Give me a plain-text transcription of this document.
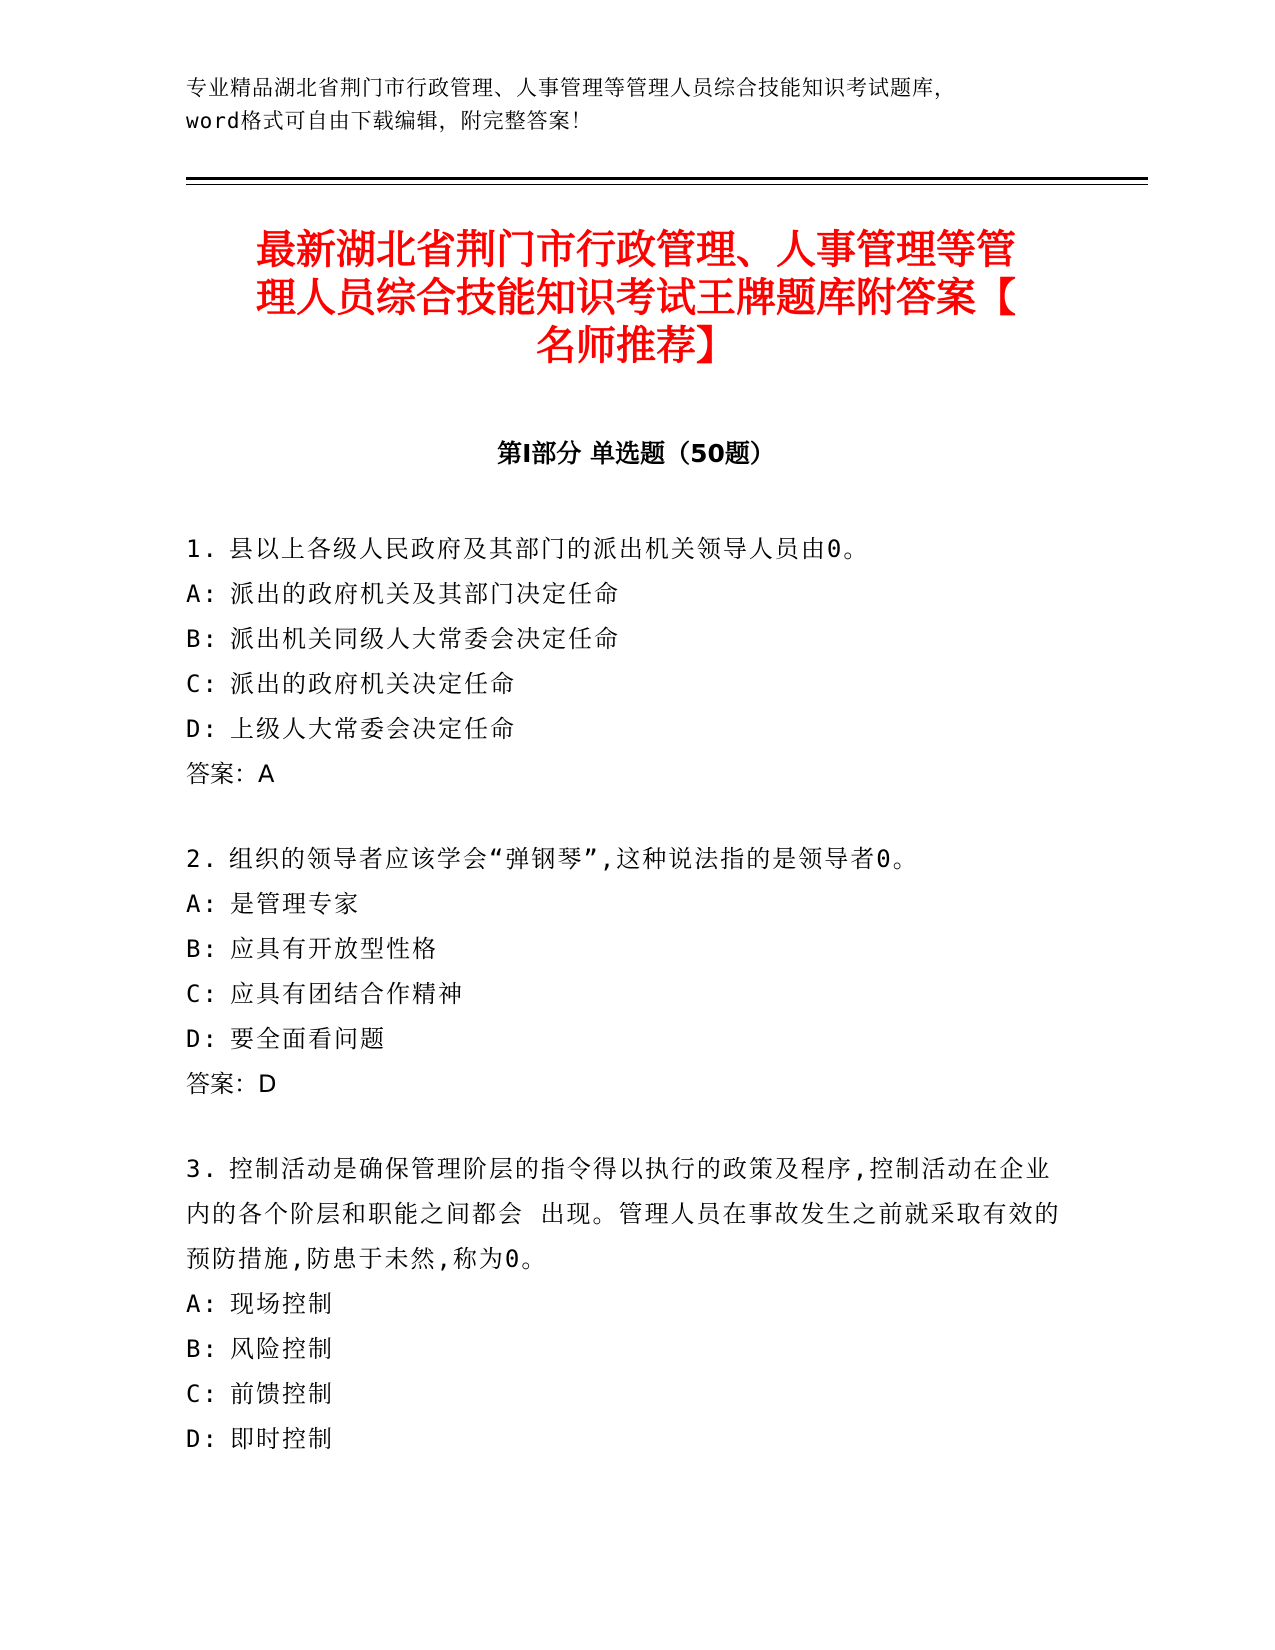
专业精品湖北省荆门市行政管理、人事管理等管理人员综合技能知识考试题库，
word格式可自由下载编辑，附完整答案！
最新湖北省荆门市行政管理、人事管理等管
理人员综合技能知识考试王牌题库附答案【
名师推荐】
第Ⅰ部分 单选题（50题）
1. 县以上各级人民政府及其部门的派出机关领导人员由0。
A: 派出的政府机关及其部门决定任命
B: 派出机关同级人大常委会决定任命
C: 派出的政府机关决定任命
D: 上级人大常委会决定任命
答案：A
2. 组织的领导者应该学会“弹钢琴”,这种说法指的是领导者0。
A: 是管理专家
B: 应具有开放型性格
C: 应具有团结合作精神
D: 要全面看问题
答案：D
3. 控制活动是确保管理阶层的指令得以执行的政策及程序,控制活动在企业内的各个阶层和职能之间都会 出现。管理人员在事故发生之前就采取有效的预防措施,防患于未然,称为0。
A: 现场控制
B: 风险控制
C: 前馈控制
D: 即时控制
